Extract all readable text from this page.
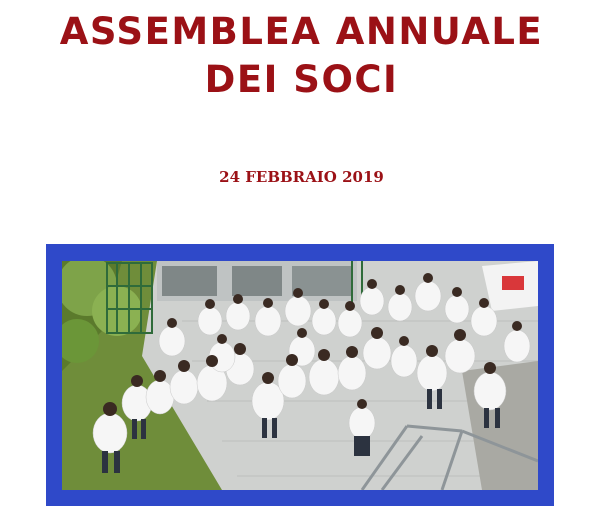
ASSEMBLEA ANNUALE
DEI SOCI
24 FEBBRAIO 2019
